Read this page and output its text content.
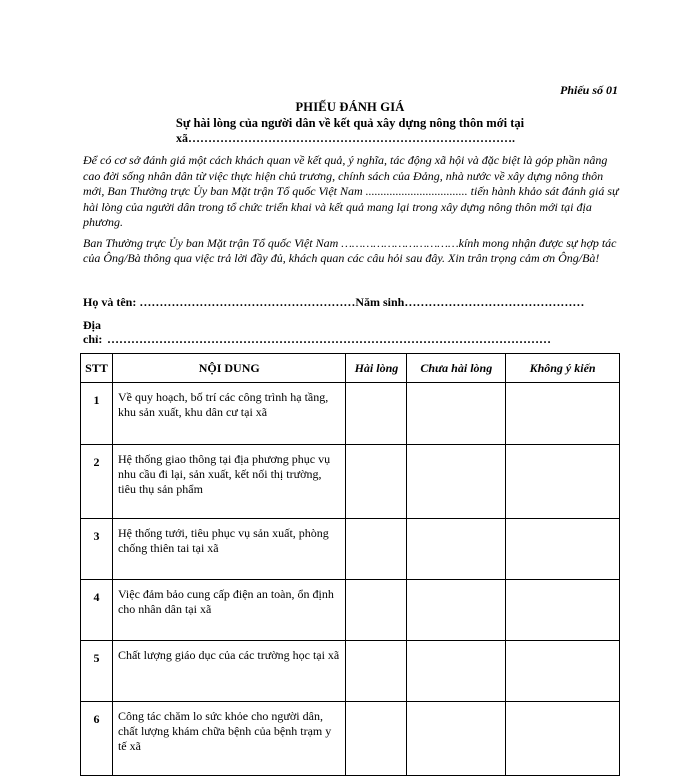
Phiếu số 01
PHIẾU ĐÁNH GIÁ
Sự hài lòng của người dân về kết quả xây dựng nông thôn mới tại
xã……………………………………………………………………….

Để có cơ sở đánh giá một cách khách quan về kết quả, ý nghĩa, tác động xã hội và đặc biệt là góp phần nâng cao đời sống nhân dân từ việc thực hiện chủ trương, chính sách của Đảng, nhà nước về xây dựng nông thôn mới, Ban Thường trực Ủy ban Mặt trận Tổ quốc Việt Nam .................................. tiến hành khảo sát đánh giá sự hài lòng của người dân trong tổ chức triển khai và kết quả mang lại trong xây dựng nông thôn mới tại địa phương.

Ban Thường trực Ủy ban Mặt trận Tổ quốc Việt Nam ……………………………kính mong nhận được sự hợp tác của Ông/Bà thông qua việc trả lời đầy đủ, khách quan các câu hỏi sau đây. Xin trân trọng cảm ơn Ông/Bà!

Họ và tên: ………………………………………………Năm sinh………………………………………
Địa chỉ: …………………………………………………………………………………………………
STT	NỘI DUNG	Hài lòng	Chưa hài lòng	Không ý kiến
1	Về quy hoạch, bố trí các công trình hạ tầng, khu sản xuất, khu dân cư tại xã			
2	Hệ thống giao thông tại địa phương phục vụ nhu cầu đi lại, sản xuất, kết nối thị trường, tiêu thụ sản phẩm			
3	Hệ thống tưới, tiêu phục vụ sản xuất, phòng chống thiên tai tại xã			
4	Việc đảm bảo cung cấp điện an toàn, ổn định cho nhân dân tại xã			
5	Chất lượng giáo dục của các trường học tại xã			
6	Công tác chăm lo sức khỏe cho người dân, chất lượng khám chữa bệnh của bệnh trạm y tế xã			
